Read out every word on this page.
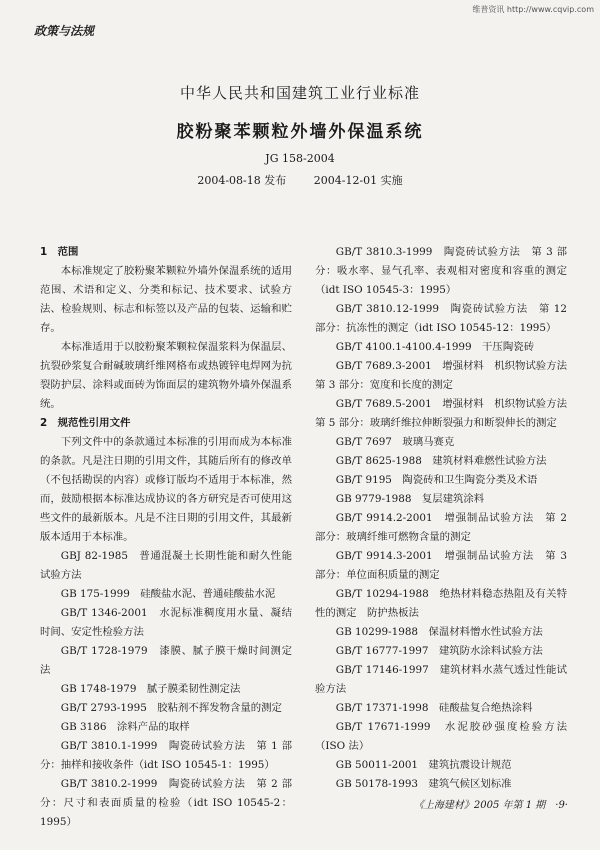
维普资讯 http://www.cqvip.com
政策与法规
中华人民共和国建筑工业行业标准
胶粉聚苯颗粒外墙外保温系统
JG 158-2004
2004-08-18 发布	2004-12-01 实施

1　范围

本标准规定了胶粉聚苯颗粒外墙外保温系统的适用范围、术语和定义、分类和标记、技术要求、试验方法、检验规则、标志和标签以及产品的包装、运输和贮存。

本标准适用于以胶粉聚苯颗粒保温浆料为保温层、抗裂砂浆复合耐碱玻璃纤维网格布或热镀锌电焊网为抗裂防护层、涂料或面砖为饰面层的建筑物外墙外保温系统。

2　规范性引用文件

下列文件中的条款通过本标准的引用而成为本标准的条款。凡是注日期的引用文件，其随后所有的修改单（不包括勘误的内容）或修订版均不适用于本标准，然而，鼓励根据本标准达成协议的各方研究是否可使用这些文件的最新版本。凡是不注日期的引用文件，其最新版本适用于本标准。

GBJ 82-1985　普通混凝土长期性能和耐久性能试验方法

GB 175-1999　硅酸盐水泥、普通硅酸盐水泥

GB/T 1346-2001　水泥标准稠度用水量、凝结时间、安定性检验方法

GB/T 1728-1979　漆膜、腻子膜干燥时间测定法

GB 1748-1979　腻子膜柔韧性测定法

GB/T 2793-1995　胶粘剂不挥发物含量的测定

GB 3186　涂料产品的取样

GB/T 3810.1-1999　陶瓷砖试验方法　第 1 部分：抽样和接收条件（idt ISO 10545-1：1995）

GB/T 3810.2-1999　陶瓷砖试验方法　第 2 部分：尺寸和表面质量的检验（idt ISO 10545-2：1995）

GB/T 3810.3-1999　陶瓷砖试验方法　第 3 部分：吸水率、显气孔率、表观相对密度和容重的测定（idt ISO 10545-3：1995）

GB/T 3810.12-1999　陶瓷砖试验方法　第 12 部分：抗冻性的测定（idt ISO 10545-12：1995）

GB/T 4100.1-4100.4-1999　干压陶瓷砖

GB/T 7689.3-2001　增强材料　机织物试验方法　第 3 部分：宽度和长度的测定

GB/T 7689.5-2001　增强材料　机织物试验方法　第 5 部分：玻璃纤维拉伸断裂强力和断裂伸长的测定

GB/T 7697　玻璃马赛克

GB/T 8625-1988　建筑材料难燃性试验方法

GB/T 9195　陶瓷砖和卫生陶瓷分类及术语

GB 9779-1988　复层建筑涂料

GB/T 9914.2-2001　增强制品试验方法　第 2 部分：玻璃纤维可燃物含量的测定

GB/T 9914.3-2001　增强制品试验方法　第 3 部分：单位面积质量的测定

GB/T 10294-1988　绝热材料稳态热阻及有关特性的测定　防护热板法

GB 10299-1988　保温材料憎水性试验方法

GB/T 16777-1997　建筑防水涂料试验方法

GB/T 17146-1997　建筑材料水蒸气透过性能试验方法

GB/T 17371-1998　硅酸盐复合绝热涂料

GB/T 17671-1999　水泥胶砂强度检验方法（ISO 法）

GB 50011-2001　建筑抗震设计规范

GB 50178-1993　建筑气候区划标准

《上海建材》2005 年第 1 期　·9·
